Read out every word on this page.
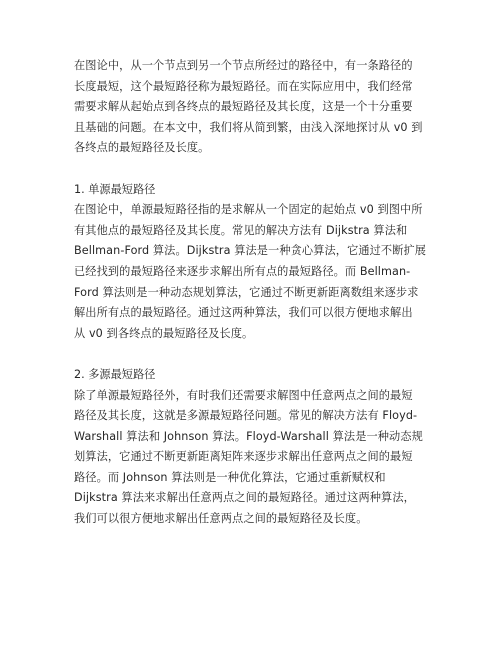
在图论中，从一个节点到另一个节点所经过的路径中，有一条路径的
长度最短，这个最短路径称为最短路径。而在实际应用中，我们经常
需要求解从起始点到各终点的最短路径及其长度，这是一个十分重要
且基础的问题。在本文中，我们将从简到繁，由浅入深地探讨从 v0 到
各终点的最短路径及长度。
1. 单源最短路径
在图论中，单源最短路径指的是求解从一个固定的起始点 v0 到图中所
有其他点的最短路径及其长度。常见的解决方法有 Dijkstra 算法和
Bellman-Ford 算法。Dijkstra 算法是一种贪心算法，它通过不断扩展
已经找到的最短路径来逐步求解出所有点的最短路径。而 Bellman-
Ford 算法则是一种动态规划算法，它通过不断更新距离数组来逐步求
解出所有点的最短路径。通过这两种算法，我们可以很方便地求解出
从 v0 到各终点的最短路径及长度。
2. 多源最短路径
除了单源最短路径外，有时我们还需要求解图中任意两点之间的最短
路径及其长度，这就是多源最短路径问题。常见的解决方法有 Floyd-
Warshall 算法和 Johnson 算法。Floyd-Warshall 算法是一种动态规
划算法，它通过不断更新距离矩阵来逐步求解出任意两点之间的最短
路径。而 Johnson 算法则是一种优化算法，它通过重新赋权和
Dijkstra 算法来求解出任意两点之间的最短路径。通过这两种算法，
我们可以很方便地求解出任意两点之间的最短路径及长度。
